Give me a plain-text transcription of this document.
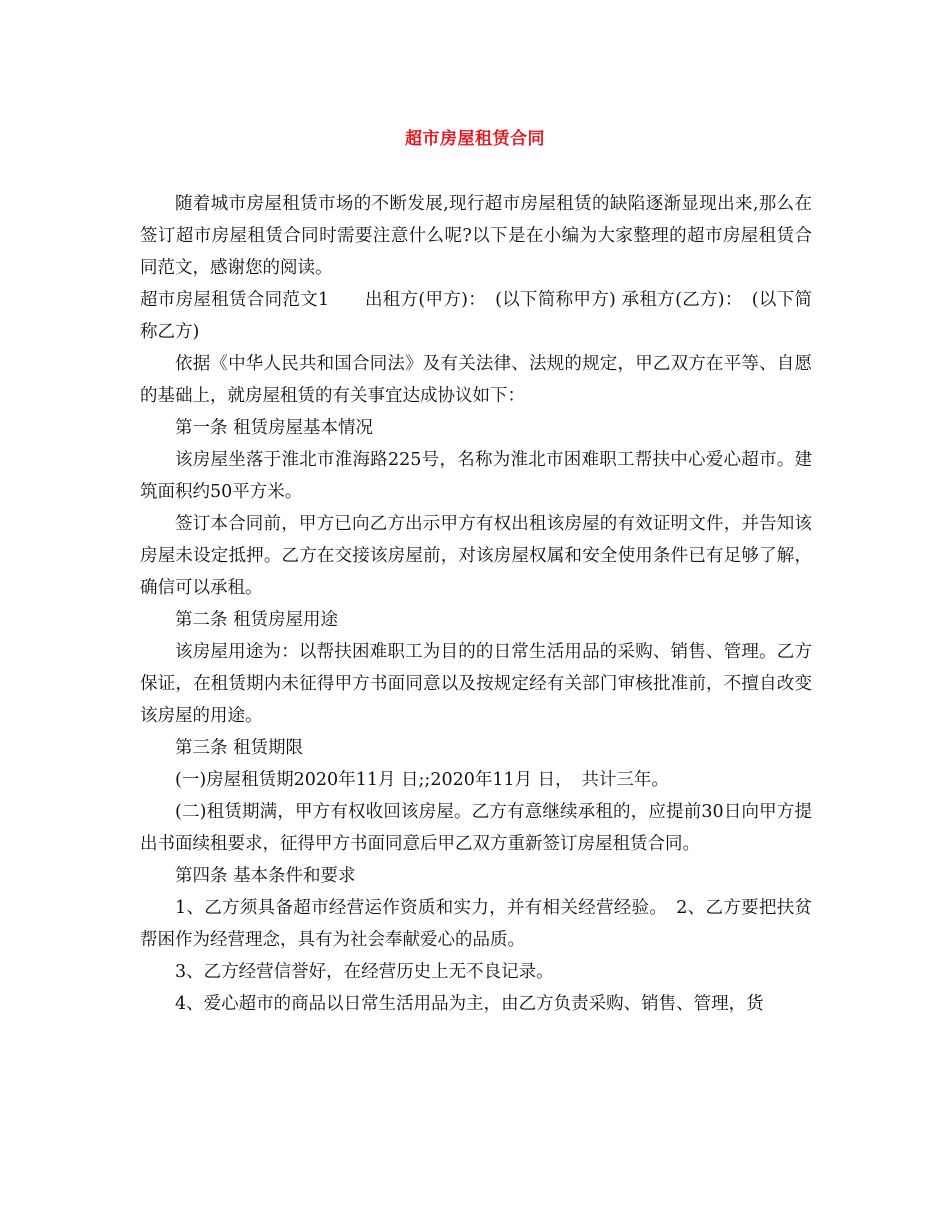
超市房屋租赁合同

随着城市房屋租赁市场的不断发展,现行超市房屋租赁的缺陷逐渐显现出来,那么在签订超市房屋租赁合同时需要注意什么呢?以下是在小编为大家整理的超市房屋租赁合同范文，感谢您的阅读。

超市房屋租赁合同范文1　　出租方(甲方)：　(以下简称甲方) 承租方(乙方)：　(以下简称乙方)

依据《中华人民共和国合同法》及有关法律、法规的规定，甲乙双方在平等、自愿的基础上，就房屋租赁的有关事宜达成协议如下：

第一条 租赁房屋基本情况

该房屋坐落于淮北市淮海路225号，名称为淮北市困难职工帮扶中心爱心超市。建筑面积约50平方米。

签订本合同前，甲方已向乙方出示甲方有权出租该房屋的有效证明文件，并告知该房屋未设定抵押。乙方在交接该房屋前，对该房屋权属和安全使用条件已有足够了解，确信可以承租。

第二条 租赁房屋用途

该房屋用途为：以帮扶困难职工为目的的日常生活用品的采购、销售、管理。乙方保证，在租赁期内未征得甲方书面同意以及按规定经有关部门审核批准前，不擅自改变该房屋的用途。

第三条 租赁期限

(一)房屋租赁期2020年11月 日;;2020年11月 日，　共计三年。

(二)租赁期满，甲方有权收回该房屋。乙方有意继续承租的，应提前30日向甲方提出书面续租要求，征得甲方书面同意后甲乙双方重新签订房屋租赁合同。

第四条 基本条件和要求

1、乙方须具备超市经营运作资质和实力，并有相关经营经验。　2、乙方要把扶贫帮困作为经营理念，具有为社会奉献爱心的品质。

3、乙方经营信誉好，在经营历史上无不良记录。

4、爱心超市的商品以日常生活用品为主，由乙方负责采购、销售、管理，货
